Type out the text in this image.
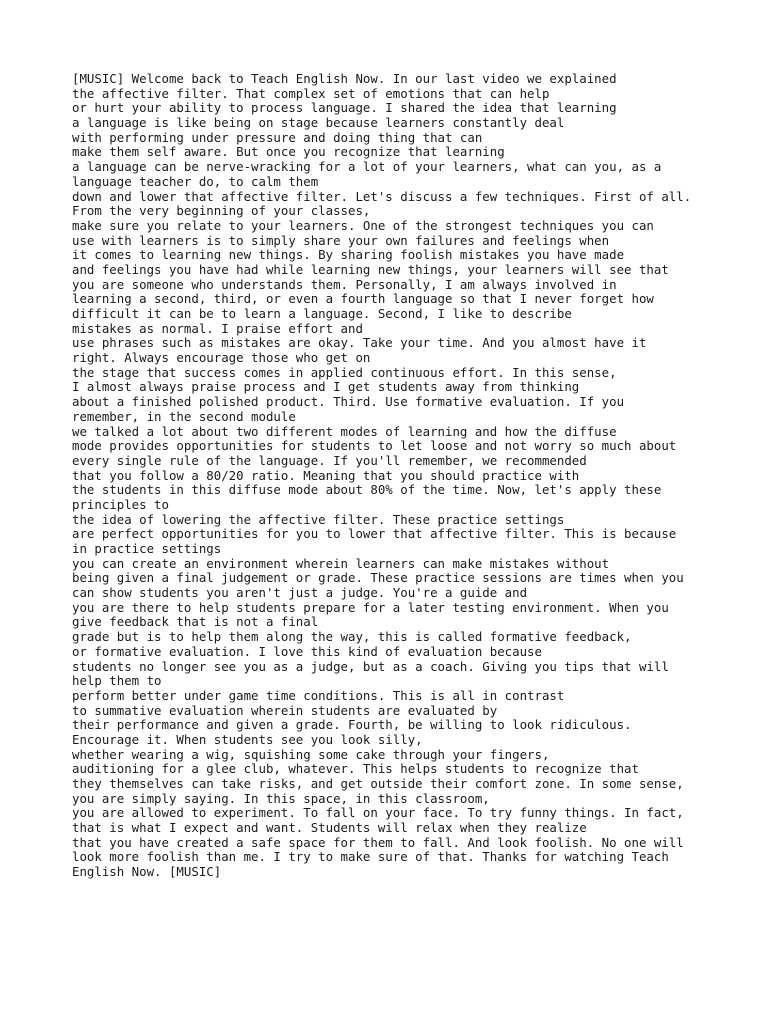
[MUSIC] Welcome back to Teach English Now. In our last video we explained
the affective filter. That complex set of emotions that can help
or hurt your ability to process language. I shared the idea that learning
a language is like being on stage because learners constantly deal
with performing under pressure and doing thing that can
make them self aware. But once you recognize that learning
a language can be nerve-wracking for a lot of your learners, what can you, as a
language teacher do, to calm them
down and lower that affective filter. Let's discuss a few techniques. First of all.
From the very beginning of your classes,
make sure you relate to your learners. One of the strongest techniques you can
use with learners is to simply share your own failures and feelings when
it comes to learning new things. By sharing foolish mistakes you have made
and feelings you have had while learning new things, your learners will see that
you are someone who understands them. Personally, I am always involved in
learning a second, third, or even a fourth language so that I never forget how
difficult it can be to learn a language. Second, I like to describe
mistakes as normal. I praise effort and
use phrases such as mistakes are okay. Take your time. And you almost have it
right. Always encourage those who get on
the stage that success comes in applied continuous effort. In this sense,
I almost always praise process and I get students away from thinking
about a finished polished product. Third. Use formative evaluation. If you
remember, in the second module
we talked a lot about two different modes of learning and how the diffuse
mode provides opportunities for students to let loose and not worry so much about
every single rule of the language. If you'll remember, we recommended
that you follow a 80/20 ratio. Meaning that you should practice with
the students in this diffuse mode about 80% of the time. Now, let's apply these
principles to
the idea of lowering the affective filter. These practice settings
are perfect opportunities for you to lower that affective filter. This is because
in practice settings
you can create an environment wherein learners can make mistakes without
being given a final judgement or grade. These practice sessions are times when you
can show students you aren't just a judge. You're a guide and
you are there to help students prepare for a later testing environment. When you
give feedback that is not a final
grade but is to help them along the way, this is called formative feedback,
or formative evaluation. I love this kind of evaluation because
students no longer see you as a judge, but as a coach. Giving you tips that will
help them to
perform better under game time conditions. This is all in contrast
to summative evaluation wherein students are evaluated by
their performance and given a grade. Fourth, be willing to look ridiculous.
Encourage it. When students see you look silly,
whether wearing a wig, squishing some cake through your fingers,
auditioning for a glee club, whatever. This helps students to recognize that
they themselves can take risks, and get outside their comfort zone. In some sense,
you are simply saying. In this space, in this classroom,
you are allowed to experiment. To fall on your face. To try funny things. In fact,
that is what I expect and want. Students will relax when they realize
that you have created a safe space for them to fall. And look foolish. No one will
look more foolish than me. I try to make sure of that. Thanks for watching Teach
English Now. [MUSIC]
